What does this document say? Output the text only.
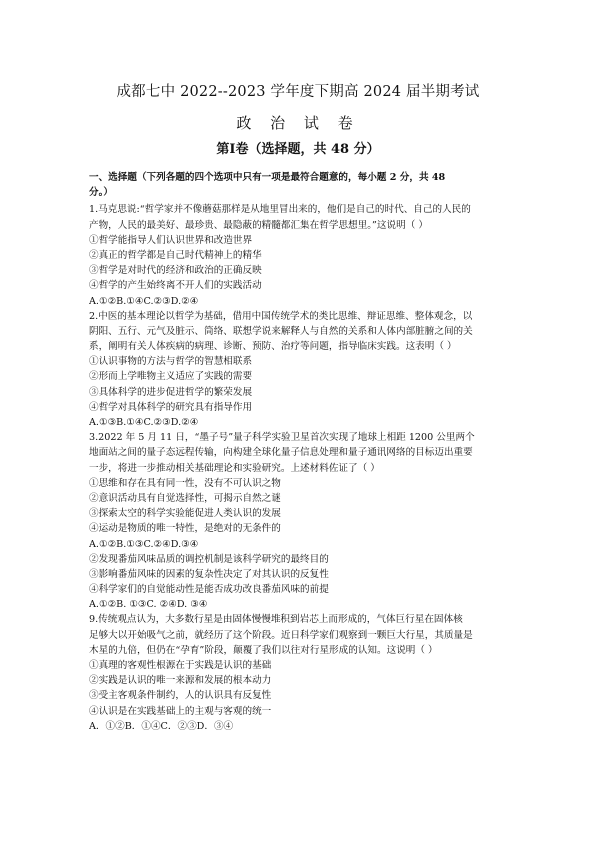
成都七中 2022--2023 学年度下期高 2024 届半期考试
政 治 试 卷
第Ⅰ卷（选择题，共 48 分）
一、选择题（下列各题的四个选项中只有一项是最符合题意的，每小题 2 分，共 48
分。）
1.马克思说:“哲学家并不像蘑菇那样是从地里冒出来的，他们是自己的时代、自己的人民的
产物，人民的最美好、最珍贵、最隐蔽的精髓都汇集在哲学思想里。”这说明（ ）
①哲学能指导人们认识世界和改造世界
②真正的哲学都是自己时代精神上的精华
③哲学是对时代的经济和政治的正确反映
④哲学的产生始终离不开人们的实践活动
A.①②B.①④C.②③D.②④
2.中医的基本理论以哲学为基础，借用中国传统学术的类比思维、辩证思维、整体观念，以
阴阳、五行、元气及脏示、筒络、联想学说来解释人与自然的关系和人体内部脏腑之间的关
系，阐明有关人体疾病的病理、诊断、预防、治疗等问题，指导临床实践。这表明（ ）
①认识事物的方法与哲学的智慧相联系
②形而上学唯物主义适应了实践的需要
③具体科学的进步促进哲学的繁荣发展
④哲学对具体科学的研究具有指导作用
A.①③B.①④C.②③D.②④
3.2022 年 5 月 11 日，“墨子号”量子科学实验卫星首次实现了地球上相距 1200 公里两个
地面站之间的量子态远程传输，向构建全球化量子信息处理和量子通讯网络的目标迈出重要
一步，将进一步推动相关基础理论和实验研究。上述材料佐证了（ ）
①思维和存在具有同一性，没有不可认识之物
②意识活动具有自觉选择性，可揭示自然之谜
③探索太空的科学实验能促进人类认识的发展
④运动是物质的唯一特性，是绝对的无条件的
A.①②B.①③C.②④D.③④
②发现番茄风味品质的调控机制是该科学研究的最终目的
③影响番茄风味的因素的复杂性决定了对其认识的反复性
④科学家们的自觉能动性是能否成功改良番茄风味的前提
A.①②B. ①③C. ②④D. ③④
9.传统观点认为，大多数行星是由固体慢慢堆积到岩芯上而形成的，气体巨行星在固体核
足够大以开始吸气之前，就经历了这个阶段。近日科学家们观察到一颗巨大行星，其质量是
木星的九倍，但仍在“孕育”阶段，颠覆了我们以往对行星形成的认知。这说明（ ）
①真理的客观性根源在于实践是认识的基础
②实践是认识的唯一来源和发展的根本动力
③受主客观条件制约，人的认识具有反复性
④认识是在实践基础上的主观与客观的统一
A．①②B．①④C．②③D．③④
